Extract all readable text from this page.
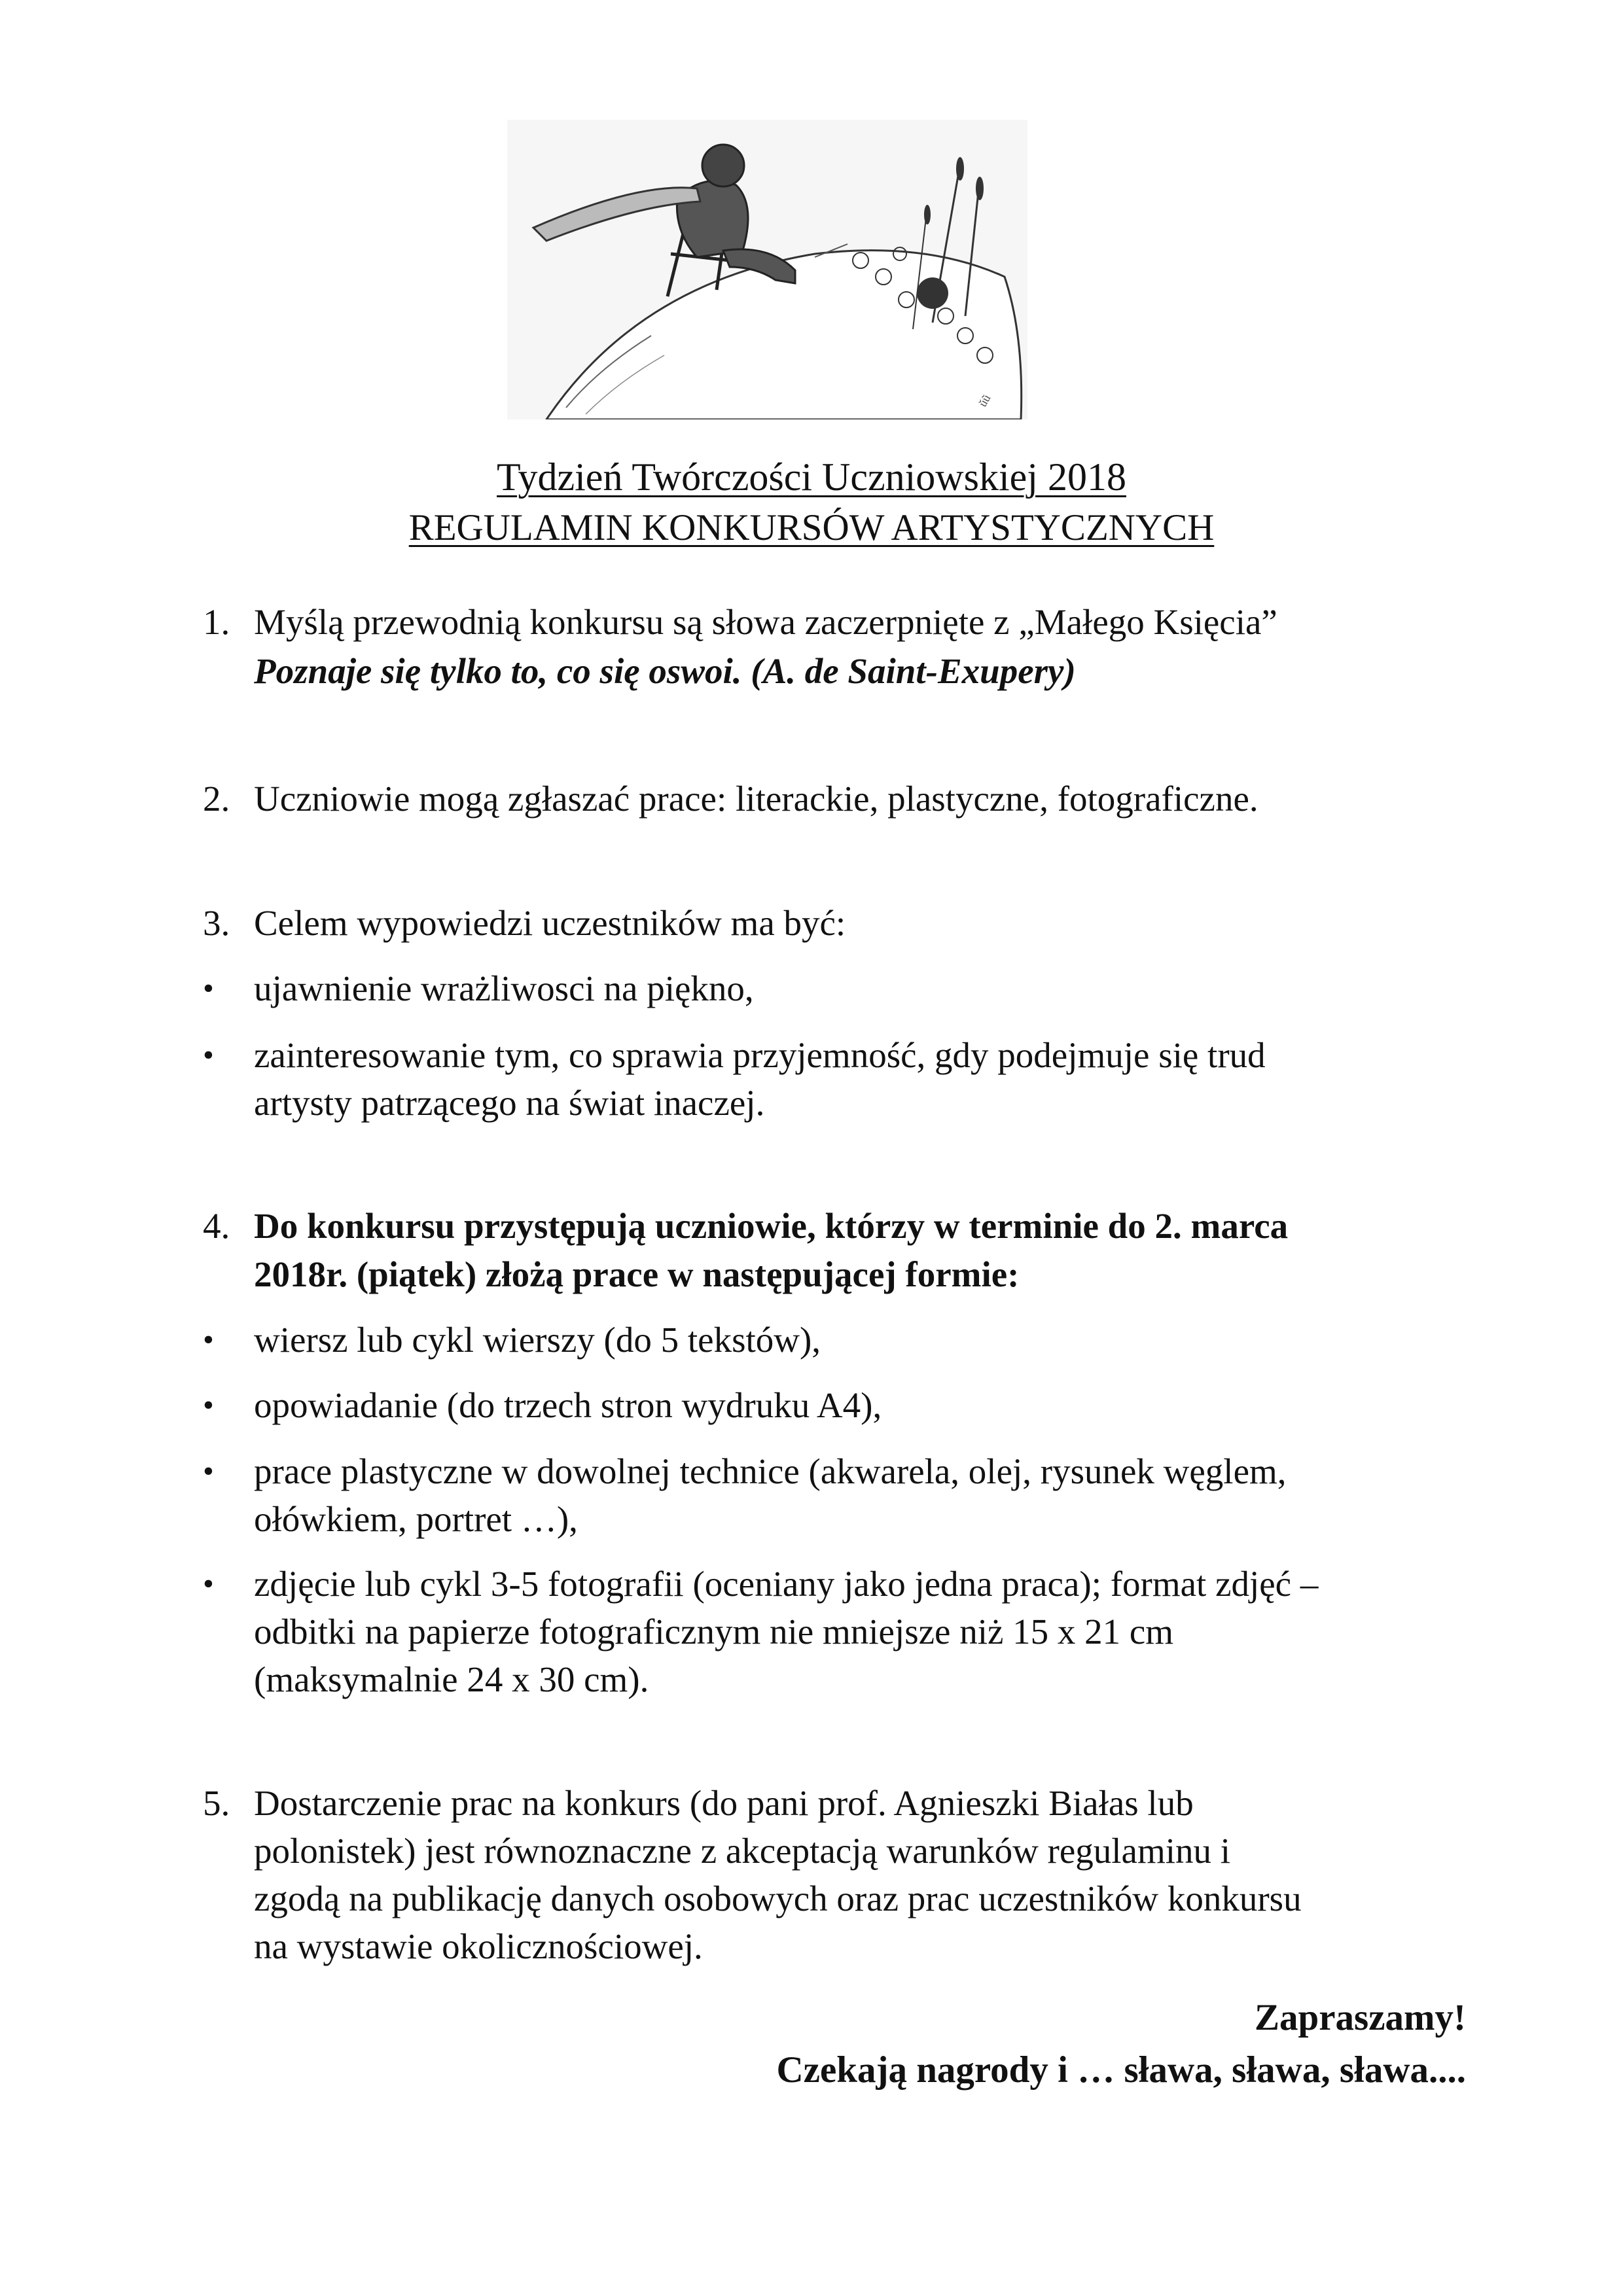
ǔũ
Tydzień Twórczości Uczniowskiej 2018
REGULAMIN KONKURSÓW ARTYSTYCZNYCH
1. Myślą przewodnią konkursu są słowa zaczerpnięte z „Małego Księcia”
Poznaje się tylko to, co się oswoi. (A. de Saint-Exupery)
2. Uczniowie mogą zgłaszać prace: literackie, plastyczne, fotograficzne.
3. Celem wypowiedzi uczestników ma być:
•	ujawnienie wrażliwosci na piękno,
•	zainteresowanie tym, co sprawia przyjemność, gdy podejmuje się trud
artysty patrzącego na świat inaczej.
4. Do konkursu przystępują uczniowie, którzy w terminie do 2. marca
2018r. (piątek) złożą prace w następującej formie:
•	wiersz lub cykl wierszy (do 5 tekstów),
•	opowiadanie (do trzech stron wydruku A4),
•	prace plastyczne w dowolnej technice (akwarela, olej, rysunek węglem,
ołówkiem, portret …),
•	zdjęcie lub cykl 3-5 fotografii (oceniany jako jedna praca); format zdjęć –
odbitki na papierze fotograficznym nie mniejsze niż 15 x 21 cm
(maksymalnie 24 x 30 cm).
5. Dostarczenie prac na konkurs (do pani prof. Agnieszki Białas lub
polonistek) jest równoznaczne z akceptacją warunków regulaminu i
zgodą na publikację danych osobowych oraz prac uczestników konkursu
na wystawie okolicznościowej.
Zapraszamy!
Czekają nagrody i … sława, sława, sława....
